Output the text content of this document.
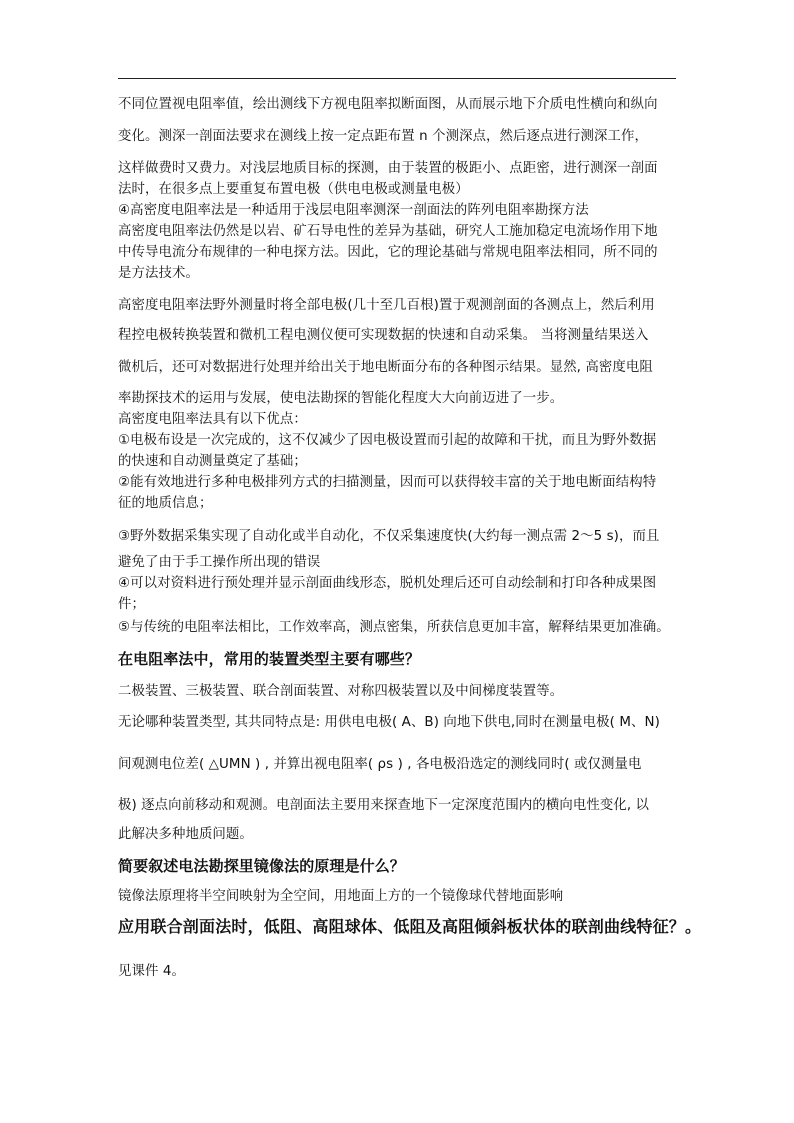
不同位置视电阻率值，绘出测线下方视电阻率拟断面图，从而展示地下介质电性横向和纵向
变化。测深一剖面法要求在测线上按一定点距布置 n 个测深点，然后逐点进行测深工作，
这样做费时又费力。对浅层地质目标的探测，由于装置的极距小、点距密，进行测深一剖面
法时，在很多点上要重复布置电极（供电电极或测量电极）
④高密度电阻率法是一种适用于浅层电阻率测深一剖面法的阵列电阻率勘探方法
高密度电阻率法仍然是以岩、矿石导电性的差异为基础，研究人工施加稳定电流场作用下地
中传导电流分布规律的一种电探方法。因此，它的理论基础与常规电阻率法相同，所不同的
是方法技术。
高密度电阻率法野外测量时将全部电极(几十至几百根)置于观测剖面的各测点上，然后利用
程控电极转换装置和微机工程电测仪便可实现数据的快速和自动采集。 当将测量结果送入
微机后，还可对数据进行处理并给出关于地电断面分布的各种图示结果。显然, 高密度电阻
率勘探技术的运用与发展，使电法勘探的智能化程度大大向前迈进了一步。
高密度电阻率法具有以下优点：
①电极布设是一次完成的，这不仅减少了因电极设置而引起的故障和干扰，而且为野外数据
的快速和自动测量奠定了基础；
②能有效地进行多种电极排列方式的扫描测量，因而可以获得较丰富的关于地电断面结构特
征的地质信息；
③野外数据采集实现了自动化或半自动化，不仅采集速度快(大约每一测点需 2～5 s)，而且
避免了由于手工操作所出现的错误
④可以对资料进行预处理并显示剖面曲线形态，脱机处理后还可自动绘制和打印各种成果图
件；
⑤与传统的电阻率法相比，工作效率高，测点密集，所获信息更加丰富，解释结果更加准确。
在电阻率法中，常用的装置类型主要有哪些？
二极装置、三极装置、联合剖面装置、对称四极装置以及中间梯度装置等。
无论哪种装置类型, 其共同特点是: 用供电电极( A、B) 向地下供电,同时在测量电极( M、N)
间观测电位差( △UMN ) , 并算出视电阻率( ρs ) , 各电极沿选定的测线同时( 或仅测量电
极) 逐点向前移动和观测。电剖面法主要用来探查地下一定深度范围内的横向电性变化, 以
此解决多种地质问题。
简要叙述电法勘探里镜像法的原理是什么？
镜像法原理将半空间映射为全空间，用地面上方的一个镜像球代替地面影响
应用联合剖面法时，低阻、高阻球体、低阻及高阻倾斜板状体的联剖曲线特征？。
见课件 4。
